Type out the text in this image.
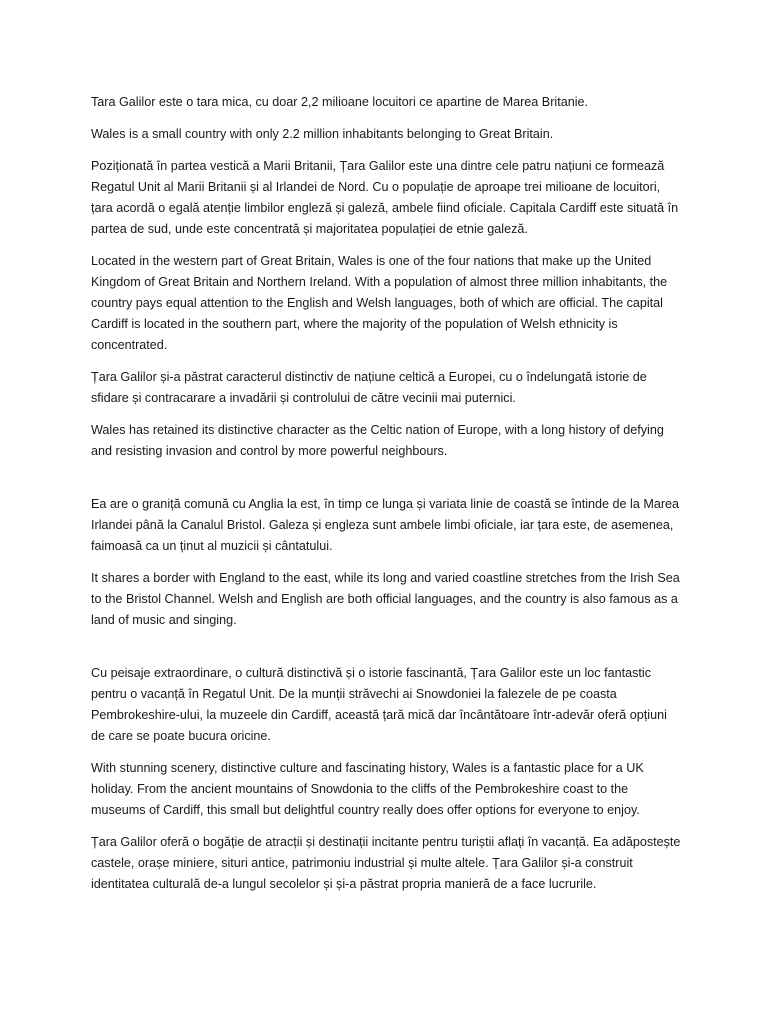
Tara Galilor este o tara mica, cu doar 2,2 milioane locuitori ce apartine de Marea Britanie.

Wales is a small country with only 2.2 million inhabitants belonging to Great Britain.

Poziționată în partea vestică a Marii Britanii, Țara Galilor este una dintre cele patru națiuni ce formează Regatul Unit al Marii Britanii și al Irlandei de Nord. Cu o populație de aproape trei milioane de locuitori, țara acordă o egală atenție limbilor engleză și galeză, ambele fiind oficiale. Capitala Cardiff este situată în partea de sud, unde este concentrată și majoritatea populației de etnie galeză.

Located in the western part of Great Britain, Wales is one of the four nations that make up the United Kingdom of Great Britain and Northern Ireland. With a population of almost three million inhabitants, the country pays equal attention to the English and Welsh languages, both of which are official. The capital Cardiff is located in the southern part, where the majority of the population of Welsh ethnicity is concentrated.

Țara Galilor și-a păstrat caracterul distinctiv de națiune celtică a Europei, cu o îndelungată istorie de sfidare și contracarare a invadării și controlului de către vecinii mai puternici.

Wales has retained its distinctive character as the Celtic nation of Europe, with a long history of defying and resisting invasion and control by more powerful neighbours.

Ea are o graniță comună cu Anglia la est, în timp ce lunga și variata linie de coastă se întinde de la Marea Irlandei până la Canalul Bristol. Galeza și engleza sunt ambele limbi oficiale, iar țara este, de asemenea, faimoasă ca un ținut al muzicii și cântatului.

It shares a border with England to the east, while its long and varied coastline stretches from the Irish Sea to the Bristol Channel. Welsh and English are both official languages, and the country is also famous as a land of music and singing.

Cu peisaje extraordinare, o cultură distinctivă și o istorie fascinantă, Țara Galilor este un loc fantastic pentru o vacanță în Regatul Unit. De la munții străvechi ai Snowdoniei la falezele de pe coasta Pembrokeshire-ului, la muzeele din Cardiff, această țară mică dar încântătoare într-adevăr oferă opțiuni de care se poate bucura oricine.

With stunning scenery, distinctive culture and fascinating history, Wales is a fantastic place for a UK holiday. From the ancient mountains of Snowdonia to the cliffs of the Pembrokeshire coast to the museums of Cardiff, this small but delightful country really does offer options for everyone to enjoy.

Țara Galilor oferă o bogăție de atracții și destinații incitante pentru turiștii aflați în vacanță. Ea adăpostește castele, orașe miniere, situri antice, patrimoniu industrial și multe altele. Țara Galilor și-a construit identitatea culturală de-a lungul secolelor și și-a păstrat propria manieră de a face lucrurile.
